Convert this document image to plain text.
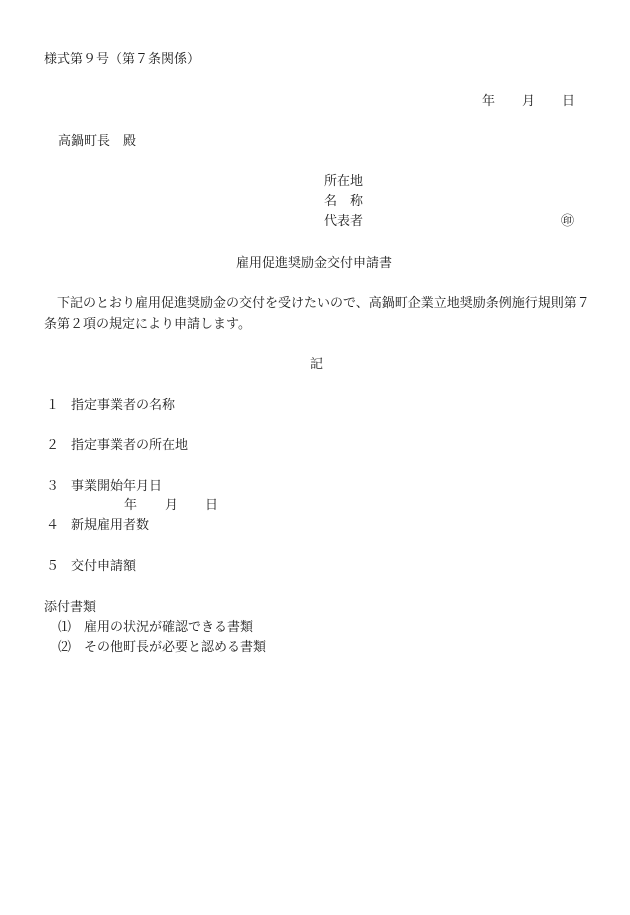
様式第９号（第７条関係）
年 月 日
高鍋町長　殿
所在地
名　称
代表者	㊞
雇用促進奨励金交付申請書
下記のとおり雇用促進奨励金の交付を受けたいので、高鍋町企業立地奨励条例施行規則第７条第２項の規定により申請します。
記
１ 指定事業者の名称
２ 指定事業者の所在地
３ 事業開始年月日
年 月 日
４ 新規雇用者数
５ 交付申請額
添付書類
⑴ 雇用の状況が確認できる書類
⑵ その他町長が必要と認める書類
